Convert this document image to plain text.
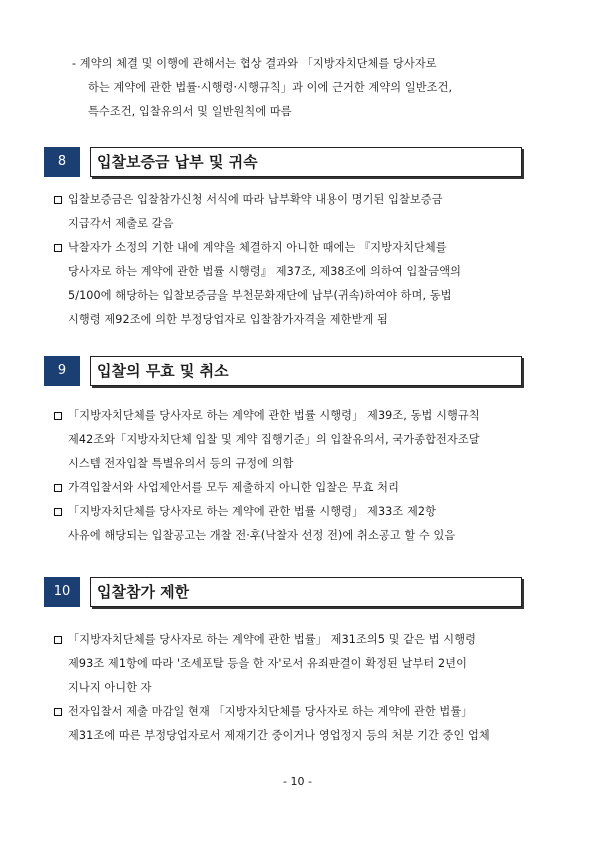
- 계약의 체결 및 이행에 관해서는 협상 결과와 「지방자치단체를 당사자로
하는 계약에 관한 법률·시행령·시행규칙」과 이에 근거한 계약의 일반조건,
특수조건, 입찰유의서 및 일반원칙에 따름
8	입찰보증금 납부 및 귀속
입찰보증금은 입찰참가신청 서식에 따라 납부확약 내용이 명기된 입찰보증금
지급각서 제출로 갈음
낙찰자가 소정의 기한 내에 계약을 체결하지 아니한 때에는 『지방자치단체를
당사자로 하는 계약에 관한 법률 시행령』 제37조, 제38조에 의하여 입찰금액의
5/100에 해당하는 입찰보증금을 부천문화재단에 납부(귀속)하여야 하며, 동법
시행령 제92조에 의한 부정당업자로 입찰참가자격을 제한받게 됨
9	입찰의 무효 및 취소
「지방자치단체를 당사자로 하는 계약에 관한 법률 시행령」 제39조, 동법 시행규칙
제42조와「지방자치단체 입찰 및 계약 집행기준」의 입찰유의서, 국가종합전자조달
시스템 전자입찰 특별유의서 등의 규정에 의함
가격입찰서와 사업제안서를 모두 제출하지 아니한 입찰은 무효 처리
「지방자치단체를 당사자로 하는 계약에 관한 법률 시행령」 제33조 제2항
사유에 해당되는 입찰공고는 개찰 전·후(낙찰자 선정 전)에 취소공고 할 수 있음
10	입찰참가 제한
「지방자치단체를 당사자로 하는 계약에 관한 법률」 제31조의5 및 같은 법 시행령
제93조 제1항에 따라 '조세포탈 등을 한 자'로서 유죄판결이 확정된 날부터 2년이
지나지 아니한 자
전자입찰서 제출 마감일 현재 「지방자치단체를 당사자로 하는 계약에 관한 법률」
제31조에 따른 부정당업자로서 제재기간 중이거나 영업정지 등의 처분 기간 중인 업체
- 10 -
